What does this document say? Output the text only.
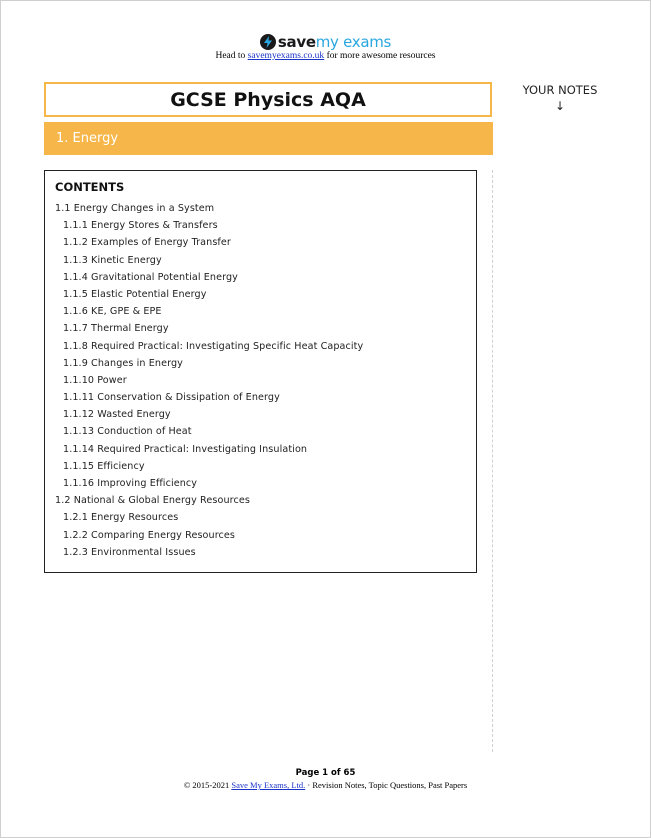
savemy exams
Head to savemyexams.co.uk for more awesome resources
GCSE Physics AQA	YOUR NOTES
↓
1. Energy
CONTENTS
1.1 Energy Changes in a System
1.1.1 Energy Stores & Transfers
1.1.2 Examples of Energy Transfer
1.1.3 Kinetic Energy
1.1.4 Gravitational Potential Energy
1.1.5 Elastic Potential Energy
1.1.6 KE, GPE & EPE
1.1.7 Thermal Energy
1.1.8 Required Practical: Investigating Specific Heat Capacity
1.1.9 Changes in Energy
1.1.10 Power
1.1.11 Conservation & Dissipation of Energy
1.1.12 Wasted Energy
1.1.13 Conduction of Heat
1.1.14 Required Practical: Investigating Insulation
1.1.15 Efficiency
1.1.16 Improving Efficiency
1.2 National & Global Energy Resources
1.2.1 Energy Resources
1.2.2 Comparing Energy Resources
1.2.3 Environmental Issues
Page 1 of 65
© 2015-2021 Save My Exams, Ltd. · Revision Notes, Topic Questions, Past Papers
